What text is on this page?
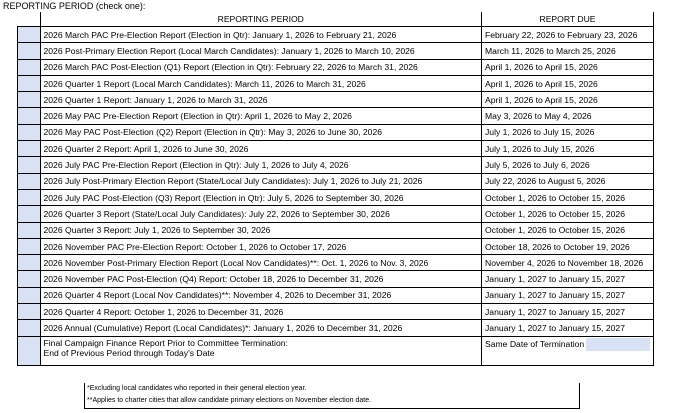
REPORTING PERIOD (check one):
	REPORTING PERIOD	REPORT DUE
	2026 March PAC Pre-Election Report (Election in Qtr): January 1, 2026 to February 21, 2026	February 22, 2026 to February 23, 2026
	2026 Post-Primary Election Report (Local March Candidates): January 1, 2026 to March 10, 2026	March 11, 2026 to March 25, 2026
	2026 March PAC Post-Election (Q1) Report (Election in Qtr): February 22, 2026 to March 31, 2026	April 1, 2026 to April 15, 2026
	2026 Quarter 1 Report (Local March Candidates): March 11, 2026 to March 31, 2026	April 1, 2026 to April 15, 2026
	2026 Quarter 1 Report: January 1, 2026 to March 31, 2026	April 1, 2026 to April 15, 2026
	2026 May PAC Pre-Election Report (Election in Qtr): April 1, 2026 to May 2, 2026	May 3, 2026 to May 4, 2026
	2026 May PAC Post-Election (Q2) Report (Election in Qtr): May 3, 2026 to June 30, 2026	July 1, 2026 to July 15, 2026
	2026 Quarter 2 Report: April 1, 2026 to June 30, 2026	July 1, 2026 to July 15, 2026
	2026 July PAC Pre-Election Report (Election in Qtr): July 1, 2026 to July 4, 2026	July 5, 2026 to July 6, 2026
	2026 July Post-Primary Election Report (State/Local July Candidates): July 1, 2026 to July 21, 2026	July 22, 2026 to August 5, 2026
	2026 July PAC Post-Election (Q3) Report (Election in Qtr): July 5, 2026 to September 30, 2026	October 1, 2026 to October 15, 2026
	2026 Quarter 3 Report (State/Local July Candidates): July 22, 2026 to September 30, 2026	October 1, 2026 to October 15, 2026
	2026 Quarter 3 Report: July 1, 2026 to September 30, 2026	October 1, 2026 to October 15, 2026
	2026 November PAC Pre-Election Report: October 1, 2026 to October 17, 2026	October 18, 2026 to October 19, 2026
	2026 November Post-Primary Election Report (Local Nov Candidates)**: Oct. 1, 2026 to Nov. 3, 2026	November 4, 2026 to November 18, 2026
	2026 November PAC Post-Election (Q4) Report: October 18, 2026 to December 31, 2026	January 1, 2027 to January 15, 2027
	2026 Quarter 4 Report (Local Nov Candidates)**: November 4, 2026 to December 31, 2026	January 1, 2027 to January 15, 2027
	2026 Quarter 4 Report: October 1, 2026 to December 31, 2026	January 1, 2027 to January 15, 2027
	2026 Annual (Cumulative) Report (Local Candidates)*: January 1, 2026 to December 31, 2026	January 1, 2027 to January 15, 2027

	Final Campaign Finance Report Prior to Committee Termination:
End of Previous Period through Today's Date	Same Date of Termination
*Excluding local candidates who reported in their general election year.
**Applies to charter cities that allow candidate primary elections on November election date.
